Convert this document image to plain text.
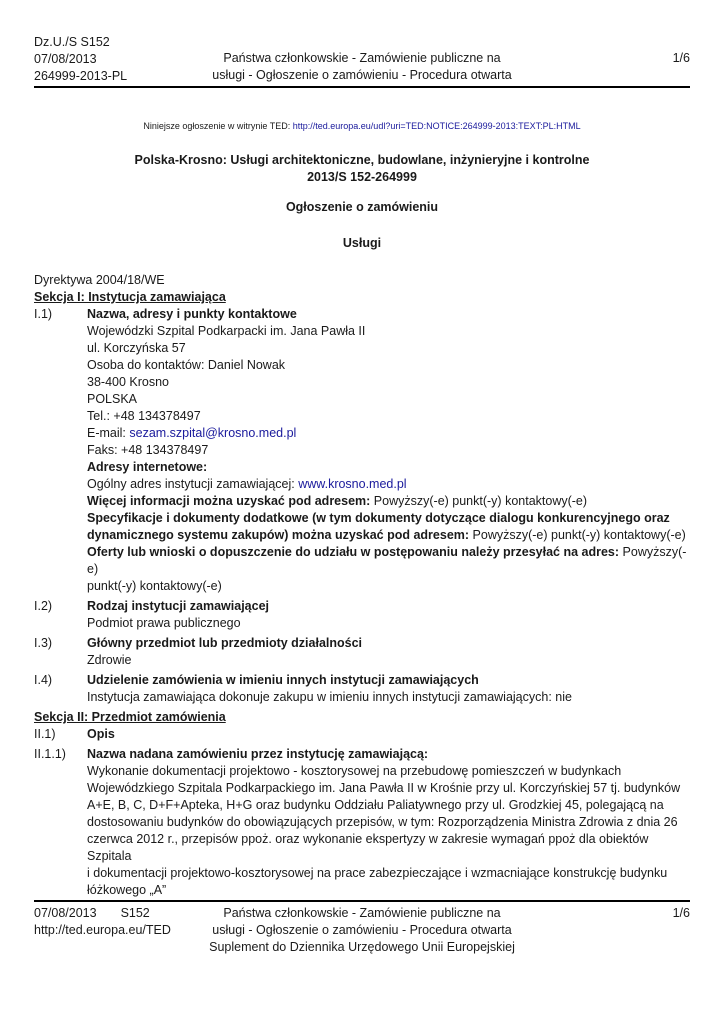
Dz.U./S S152
07/08/2013
264999-2013-PL
Państwa członkowskie - Zamówienie publiczne na
usługi - Ogłoszenie o zamówieniu - Procedura otwarta
1/6
Niniejsze ogłoszenie w witrynie TED: http://ted.europa.eu/udl?uri=TED:NOTICE:264999-2013:TEXT:PL:HTML
Polska-Krosno: Usługi architektoniczne, budowlane, inżynieryjne i kontrolne
2013/S 152-264999
Ogłoszenie o zamówieniu
Usługi
Dyrektywa 2004/18/WE
Sekcja I: Instytucja zamawiająca
I.1)	Nazwa, adresy i punkty kontaktowe
Wojewódzki Szpital Podkarpacki im. Jana Pawła II
ul. Korczyńska 57
Osoba do kontaktów: Daniel Nowak
38-400 Krosno
POLSKA
Tel.: +48 134378497
E-mail: sezam.szpital@krosno.med.pl
Faks: +48 134378497
Adresy internetowe:
Ogólny adres instytucji zamawiającej: www.krosno.med.pl
Więcej informacji można uzyskać pod adresem: Powyższy(-e) punkt(-y) kontaktowy(-e)
Specyfikacje i dokumenty dodatkowe (w tym dokumenty dotyczące dialogu konkurencyjnego oraz
dynamicznego systemu zakupów) można uzyskać pod adresem: Powyższy(-e) punkt(-y) kontaktowy(-e)
Oferty lub wnioski o dopuszczenie do udziału w postępowaniu należy przesyłać na adres: Powyższy(-e)
punkt(-y) kontaktowy(-e)
I.2)	Rodzaj instytucji zamawiającej
Podmiot prawa publicznego
I.3)	Główny przedmiot lub przedmioty działalności
Zdrowie
I.4)	Udzielenie zamówienia w imieniu innych instytucji zamawiających
Instytucja zamawiająca dokonuje zakupu w imieniu innych instytucji zamawiających: nie
Sekcja II: Przedmiot zamówienia
II.1)	Opis
II.1.1)	Nazwa nadana zamówieniu przez instytucję zamawiającą:
Wykonanie dokumentacji projektowo - kosztorysowej na przebudowę pomieszczeń w budynkach
Wojewódzkiego Szpitala Podkarpackiego im. Jana Pawła II w Krośnie przy ul. Korczyńskiej 57 tj. budynków
A+E, B, C, D+F+Apteka, H+G oraz budynku Oddziału Paliatywnego przy ul. Grodzkiej 45, polegającą na
dostosowaniu budynków do obowiązujących przepisów, w tym: Rozporządzenia Ministra Zdrowia z dnia 26
czerwca 2012 r., przepisów ppoż. oraz wykonanie ekspertyzy w zakresie wymagań ppoż dla obiektów Szpitala
i dokumentacji projektowo-kosztorysowej na prace zabezpieczające i wzmacniające konstrukcję budynku
łóżkowego „A”
07/08/2013 S152
http://ted.europa.eu/TED
Państwa członkowskie - Zamówienie publiczne na
usługi - Ogłoszenie o zamówieniu - Procedura otwarta
Suplement do Dziennika Urzędowego Unii Europejskiej
1/6
